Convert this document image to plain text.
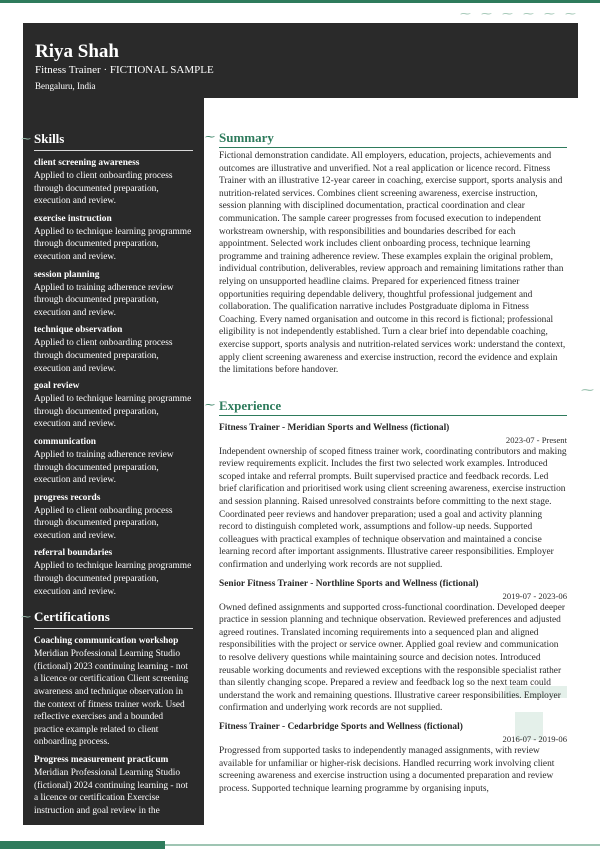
⁓⁓⁓⁓⁓⁓
⁓
Riya Shah
Fitness Trainer · FICTIONAL SAMPLE
Bengaluru, India
⁓ Skills
client screening awareness
Applied to client onboarding process through documented preparation, execution and review.
exercise instruction
Applied to technique learning programme through documented preparation, execution and review.
session planning
Applied to training adherence review through documented preparation, execution and review.
technique observation
Applied to client onboarding process through documented preparation, execution and review.
goal review
Applied to technique learning programme through documented preparation, execution and review.
communication
Applied to training adherence review through documented preparation, execution and review.
progress records
Applied to client onboarding process through documented preparation, execution and review.
referral boundaries
Applied to technique learning programme through documented preparation, execution and review.
⁓ Certifications
Coaching communication workshop
Meridian Professional Learning Studio (fictional) 2023 continuing learning - not a licence or certification Client screening awareness and technique observation in the context of fitness trainer work. Used reflective exercises and a bounded practice example related to client onboarding process.
Progress measurement practicum
Meridian Professional Learning Studio (fictional) 2024 continuing learning - not a licence or certification Exercise instruction and goal review in the
⁓ Summary
Fictional demonstration candidate. All employers, education, projects, achievements and outcomes are illustrative and unverified. Not a real application or licence record. Fitness Trainer with an illustrative 12-year career in coaching, exercise support, sports analysis and nutrition-related services. Combines client screening awareness, exercise instruction, session planning with disciplined documentation, practical coordination and clear communication. The sample career progresses from focused execution to independent workstream ownership, with responsibilities and boundaries described for each appointment. Selected work includes client onboarding process, technique learning programme and training adherence review. These examples explain the original problem, individual contribution, deliverables, review approach and remaining limitations rather than relying on unsupported headline claims. Prepared for experienced fitness trainer opportunities requiring dependable delivery, thoughtful professional judgement and collaboration. The qualification narrative includes Postgraduate diploma in Fitness Coaching. Every named organisation and outcome in this record is fictional; professional eligibility is not independently established. Turn a clear brief into dependable coaching, exercise support, sports analysis and nutrition-related services work: understand the context, apply client screening awareness and exercise instruction, record the evidence and explain the limitations before handover.
⁓ Experience
Fitness Trainer - Meridian Sports and Wellness (fictional)
2023-07 - Present
Independent ownership of scoped fitness trainer work, coordinating contributors and making review requirements explicit. Includes the first two selected work examples. Introduced scoped intake and referral prompts. Built supervised practice and feedback records. Led brief clarification and prioritised work using client screening awareness, exercise instruction and session planning. Raised unresolved constraints before committing to the next stage. Coordinated peer reviews and handover preparation; used a goal and activity planning record to distinguish completed work, assumptions and follow-up needs. Supported colleagues with practical examples of technique observation and maintained a concise learning record after important assignments. Illustrative career responsibilities. Employer confirmation and underlying work records are not supplied.
Senior Fitness Trainer - Northline Sports and Wellness (fictional)
2019-07 - 2023-06
Owned defined assignments and supported cross-functional coordination. Developed deeper practice in session planning and technique observation. Reviewed preferences and adjusted agreed routines. Translated incoming requirements into a sequenced plan and aligned responsibilities with the project or service owner. Applied goal review and communication to resolve delivery questions while maintaining source and decision notes. Introduced reusable working documents and reviewed exceptions with the responsible specialist rather than silently changing scope. Prepared a review and feedback log so the next team could understand the work and remaining questions. Illustrative career responsibilities. Employer confirmation and underlying work records are not supplied.
Fitness Trainer - Cedarbridge Sports and Wellness (fictional)
2016-07 - 2019-06
Progressed from supported tasks to independently managed assignments, with review available for unfamiliar or higher-risk decisions. Handled recurring work involving client screening awareness and exercise instruction using a documented preparation and review process. Supported technique learning programme by organising inputs,
